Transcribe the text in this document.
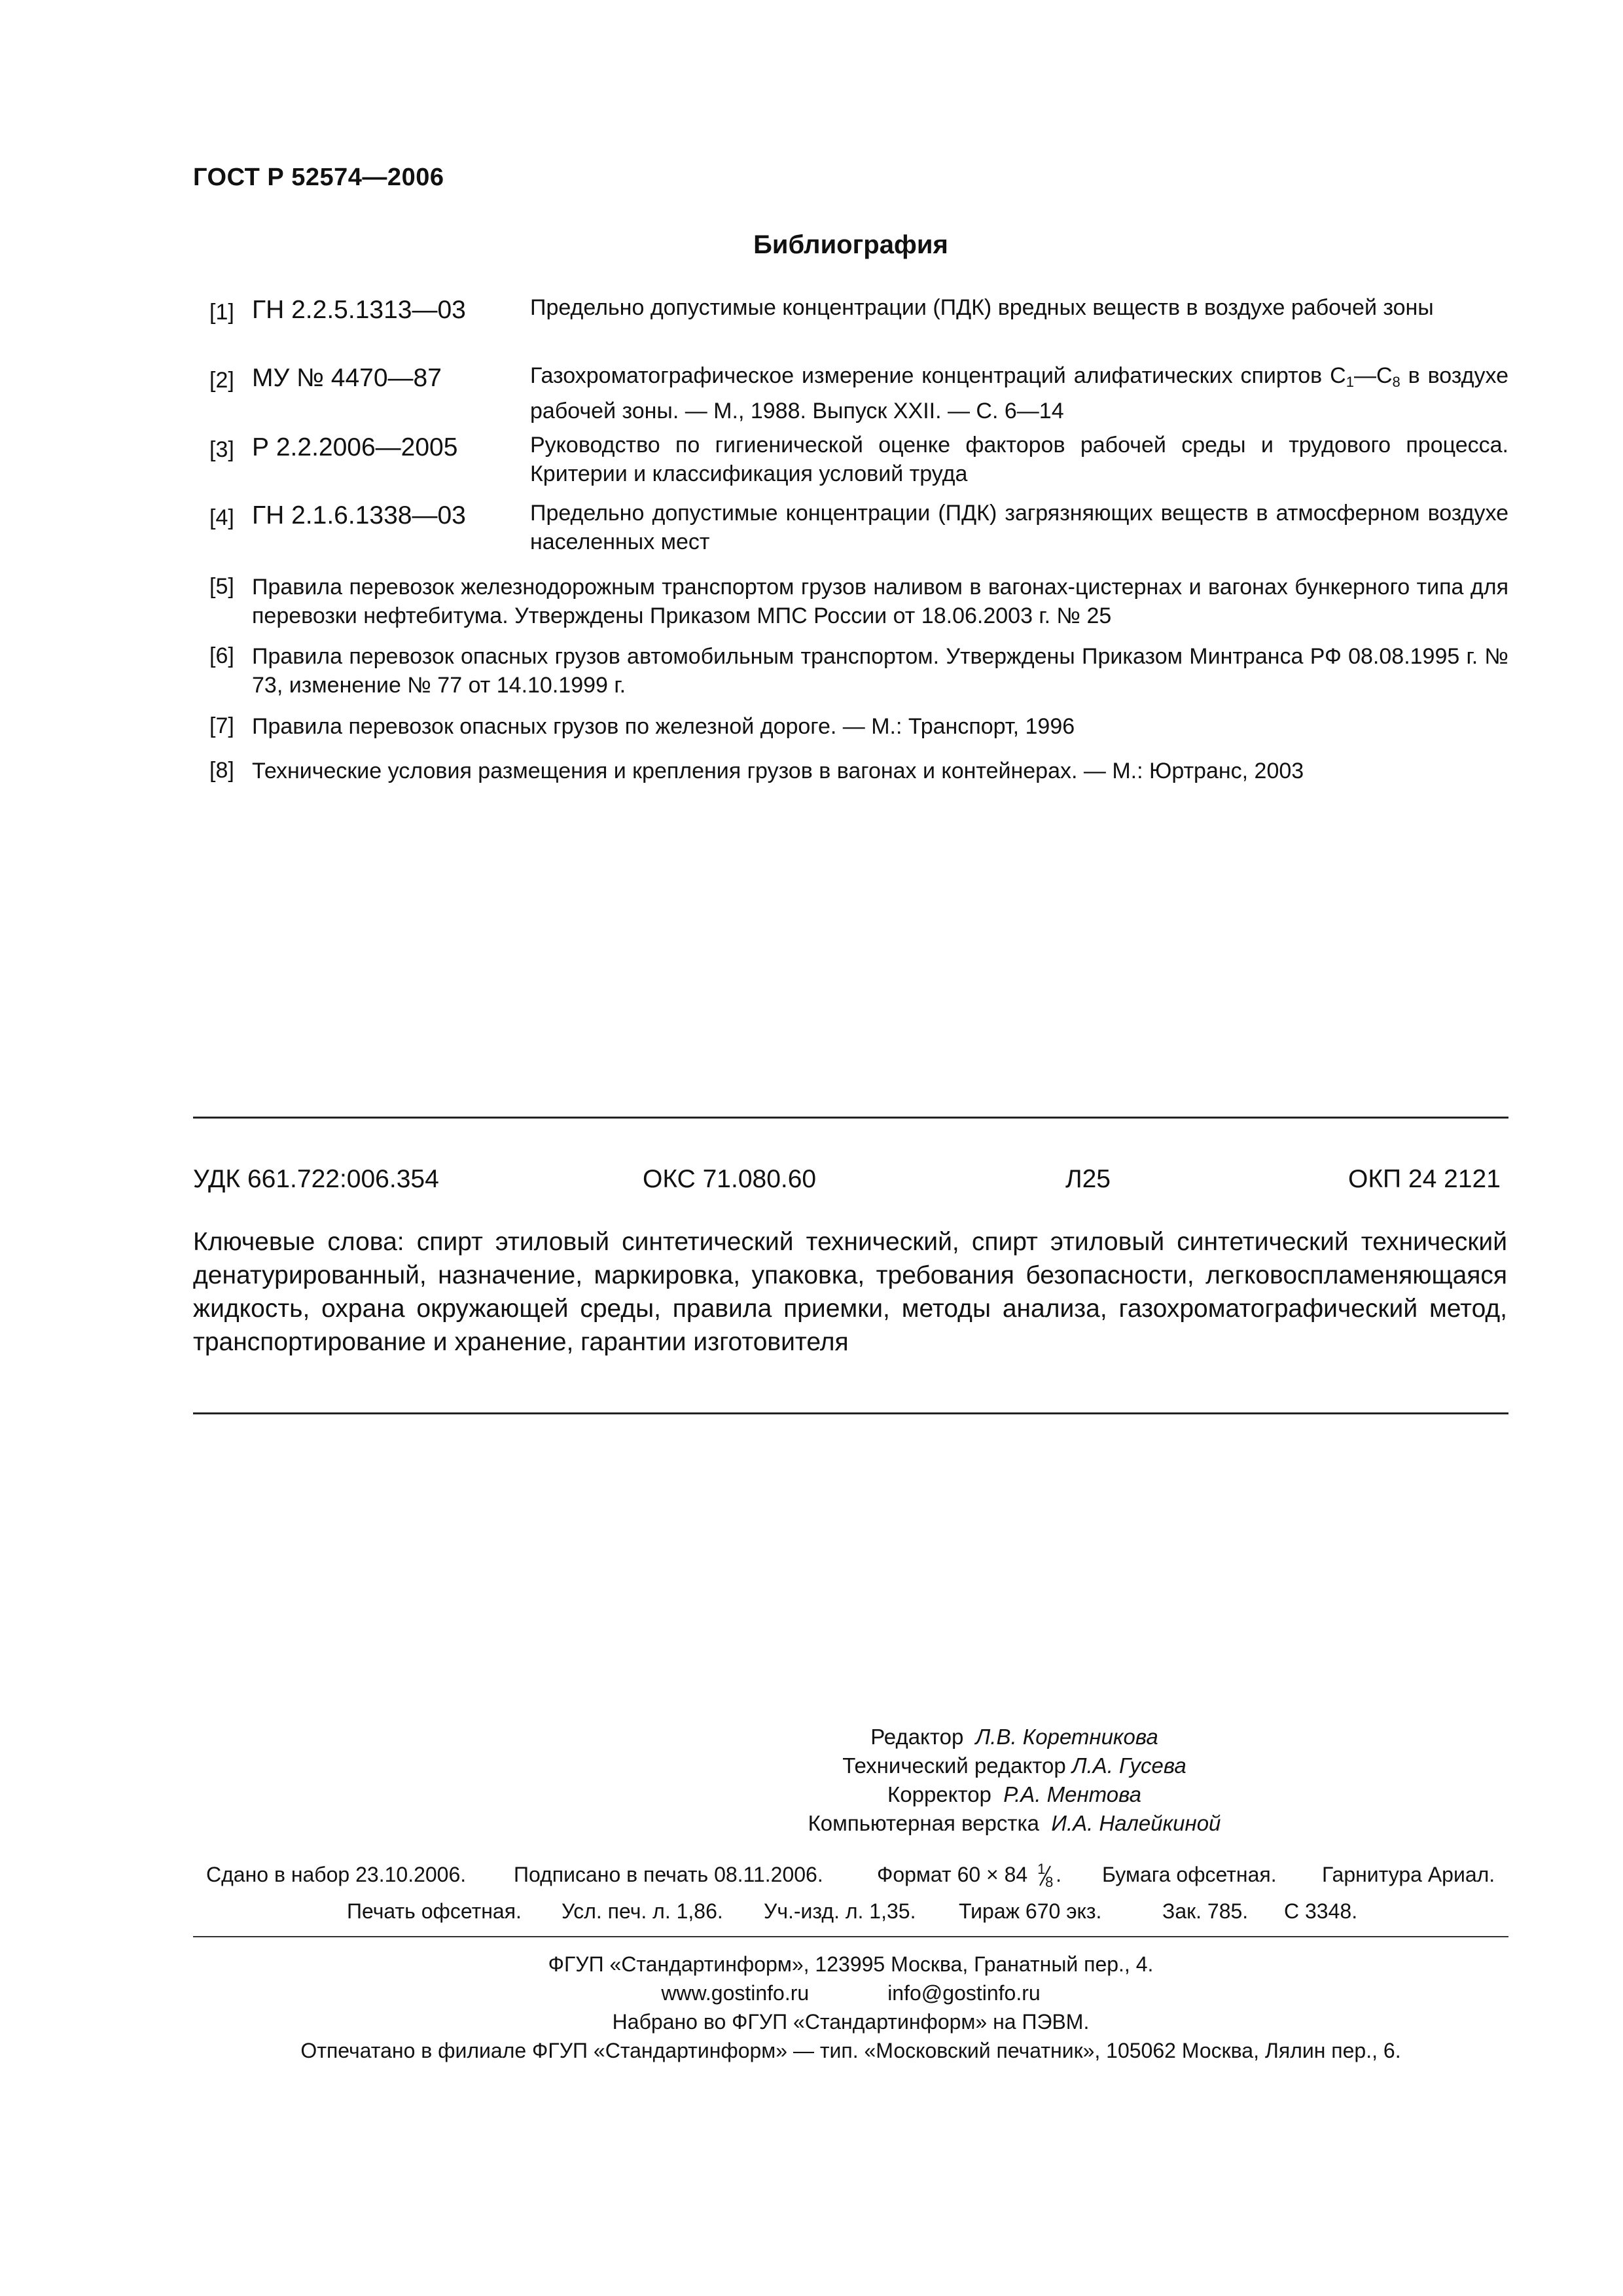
ГОСТ Р 52574—2006
Библиография
[1] ГН 2.2.5.1313—03	Предельно допустимые концентрации (ПДК) вредных веществ в воздухе рабочей зоны
[2] МУ № 4470—87	Газохроматографическое измерение концентраций алифатических спиртов $С_1—С_8$ в воздухе рабочей зоны. — М., 1988. Выпуск XXII. — С. 6—14
[3] Р 2.2.2006—2005	Руководство по гигиенической оценке факторов рабочей среды и трудового процесса. Критерии и классификация условий труда
[4] ГН 2.1.6.1338—03	Предельно допустимые концентрации (ПДК) загрязняющих веществ в атмосферном воздухе населенных мест
[5] Правила перевозок железнодорожным транспортом грузов наливом в вагонах-цистернах и вагонах бункерного типа для перевозки нефтебитума. Утверждены Приказом МПС России от 18.06.2003 г. № 25
[6] Правила перевозок опасных грузов автомобильным транспортом. Утверждены Приказом Минтранса РФ 08.08.1995 г. № 73, изменение № 77 от 14.10.1999 г.
[7] Правила перевозок опасных грузов по железной дороге. — М.: Транспорт, 1996
[8] Технические условия размещения и крепления грузов в вагонах и контейнерах. — М.: Юртранс, 2003
УДК 661.722:006.354	ОКС 71.080.60	Л25	ОКП 24 2121
Ключевые слова: спирт этиловый синтетический технический, спирт этиловый синтетический технический денатурированный, назначение, маркировка, упаковка, требования безопасности, легковоспламеняющаяся жидкость, охрана окружающей среды, правила приемки, методы анализа, газохроматографический метод, транспортирование и хранение, гарантии изготовителя
Редактор Л.В. Коретникова
Технический редактор Л.А. Гусева
Корректор Р.А. Ментова
Компьютерная верстка И.А. Налейкиной
Сдано в набор 23.10.2006. Подписано в печать 08.11.2006.	Формат 60 × 84 1
8 . Бумага офсетная. Гарнитура Ариал.
Печать офсетная. Усл. печ. л. 1,86. Уч.-изд. л. 1,35. Тираж 670 экз.	Зак. 785. С 3348.
ФГУП «Стандартинформ», 123995 Москва, Гранатный пер., 4.
www.gostinfo.ru	info@gostinfo.ru
Набрано во ФГУП «Стандартинформ» на ПЭВМ.
Отпечатано в филиале ФГУП «Стандартинформ» — тип. «Московский печатник», 105062 Москва, Лялин пер., 6.
